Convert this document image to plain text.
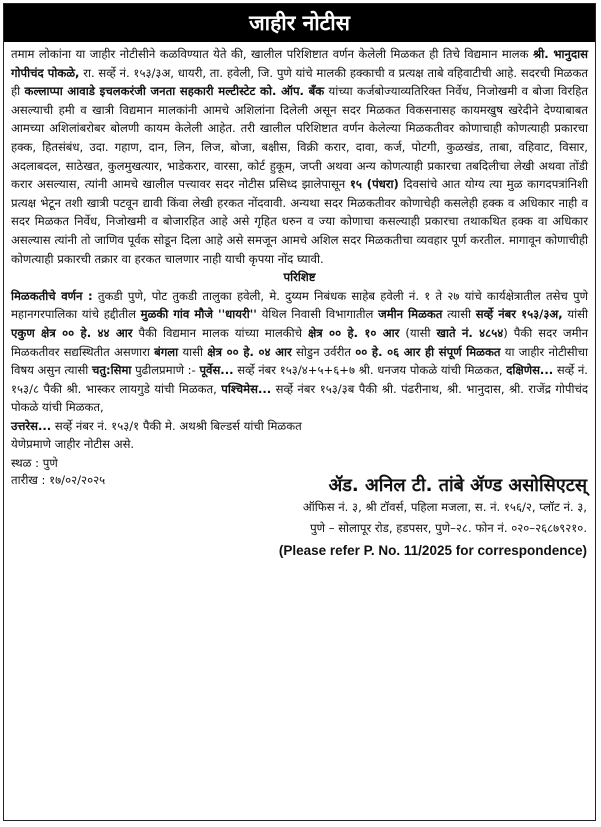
जाहीर नोटीस

तमाम लोकांना या जाहीर नोटीसीने कळविण्यात येते की, खालील परिशिष्टात वर्णन केलेली मिळकत ही तिचे विद्यमान मालक श्री. भानुदास गोपीचंद पोकळे, रा. सर्व्हे नं. १५३/३अ, धायरी, ता. हवेली, जि. पुणे यांचे मालकी हक्काची व प्रत्यक्ष ताबे वहिवाटीची आहे. सदरची मिळकत ही कल्लाप्पा आवाडे इचलकरंजी जनता सहकारी मल्टीस्टेट को. ऑप. बँक यांच्या कर्जबोज्याव्यतिरिक्त निर्वेध, निजोखमी व बोजा विरहित असल्याची हमी व खात्री विद्यमान मालकांनी आमचे अशिलांना दिलेली असून सदर मिळकत विकसनासह कायमखुष खरेदीने देण्याबाबत आमच्या अशिलांबरोबर बोलणी कायम केलेली आहेत. तरी खालील परिशिष्टात वर्णन केलेल्या मिळकतीवर कोणाचाही कोणत्याही प्रकारचा हक्क, हितसंबंध, उदा. गहाण, दान, लिन, लिज, बोजा, बक्षीस, विक्री करार, दावा, कर्ज, पोटगी, कुळखंड, ताबा, वहिवाट, विसार, अदलाबदल, साठेखत, कुलमुखत्यार, भाडेकरार, वारसा, कोर्ट हुकूम, जप्ती अथवा अन्य कोणत्याही प्रकारचा तबदिलीचा लेखी अथवा तोंडी करार असल्यास, त्यांनी आमचे खालील पत्त्यावर सदर नोटीस प्रसिध्द झालेपासून १५ (पंधरा) दिवसांचे आत योग्य त्या मुळ कागदपत्रांनिशी प्रत्यक्ष भेटून तशी खात्री पटवून द्यावी किंवा लेखी हरकत नोंदवावी. अन्यथा सदर मिळकतीवर कोणाचेही कसलेही हक्क व अधिकार नाही व सदर मिळकत निर्वेध, निजोखमी व बोजारहित आहे असे गृहित धरुन व ज्या कोणाचा कसल्याही प्रकारचा तथाकथित हक्क वा अधिकार असल्यास त्यांनी तो जाणिव पूर्वक सोडून दिला आहे असे समजून आमचे अशिल सदर मिळकतीचा व्यवहार पूर्ण करतील. मागावून कोणाचीही कोणत्याही प्रकारची तक्रार वा हरकत चालणार नाही याची कृपया नोंद घ्यावी.

परिशिष्ट

मिळकतीचे वर्णन : तुकडी पुणे, पोट तुकडी तालुका हवेली, मे. दुय्यम निबंधक साहेब हवेली नं. १ ते २७ यांचे कार्यक्षेत्रातील तसेच पुणे महानगरपालिका यांचे हद्दीतील मुळकी गांव मौजे ''धायरी'' येथिल निवासी विभागातील जमीन मिळकत त्यासी सर्व्हे नंबर १५३/३अ, यांसी एकुण क्षेत्र ०० हे. ४४ आर पैकी विद्यमान मालक यांच्या मालकीचे क्षेत्र ०० हे. १० आर (यासी खाते नं. ४८५४) पैकी सदर जमीन मिळकतीवर सद्यस्थितीत असणारा बंगला यासी क्षेत्र ०० हे. ०४ आर सोडुन उर्वरीत ०० हे. ०६ आर ही संपूर्ण मिळकत या जाहीर नोटीसीचा विषय असुन त्यासी चतु:सिमा पुढीलप्रमाणे :- पूर्वेस... सर्व्हे नंबर १५३/४+५+६+७ श्री. धनजय पोकळे यांची मिळकत, दक्षिणेस... सर्व्हे नं. १५३/८ पैकी श्री. भास्कर लायगुडे यांची मिळकत, पश्चिमेस... सर्व्हे नंबर १५३/३ब पैकी श्री. पंढरीनाथ, श्री. भानुदास, श्री. राजेंद्र गोपीचंद पोकळे यांची मिळकत,
उत्तरेस... सर्व्हे नंबर नं. १५३/१ पैकी मे. अथश्री बिल्डर्स यांची मिळकत

येणेप्रमाणे जाहीर नोटीस असे.

स्थळ : पुणे

तारीख : १७/०२/२०२५	ॲड. अनिल टी. तांबे ॲण्ड असोसिएटस्
ऑफिस नं. ३, श्री टॉवर्स, पहिला मजला, स. नं. १५६/२, प्लॉट नं. ३,
पुणे – सोलापूर रोड, हडपसर, पुणे–२८. फोन नं. ०२०–२६८७९२१०.
(Please refer P. No. 11/2025 for correspondence)
